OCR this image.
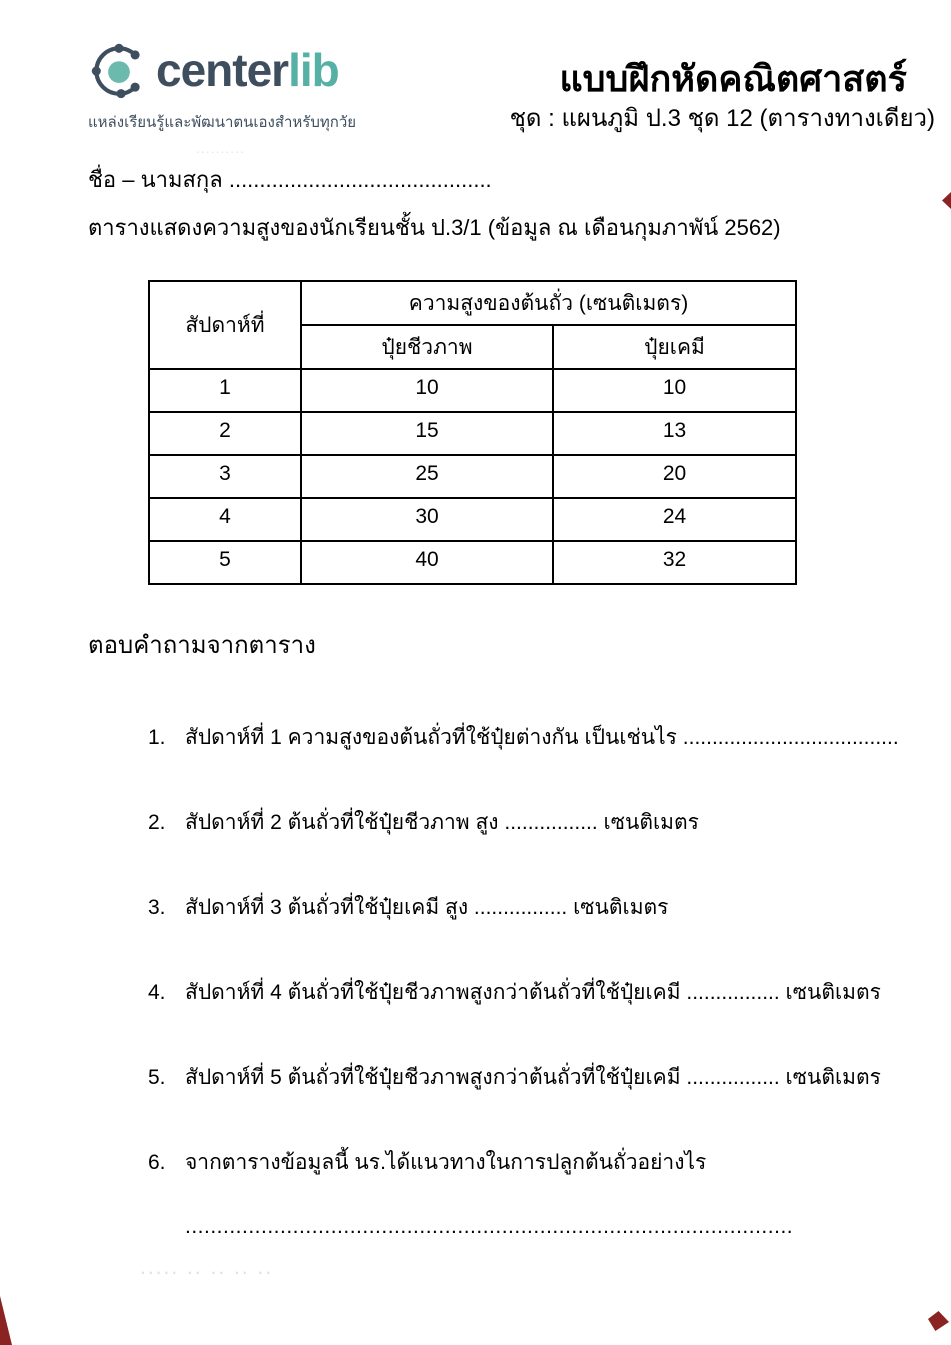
centerlib
แหล่งเรียนรู้และพัฒนาตนเองสำหรับทุกวัย
แบบฝึกหัดคณิตศาสตร์
ชุด : แผนภูมิ ป.3 ชุด 12 (ตารางทางเดียว)
..........
ชื่อ – นามสกุล ...........................................
ตารางแสดงความสูงของนักเรียนชั้น ป.3/1 (ข้อมูล ณ เดือนกุมภาพัน์ 2562)
สัปดาห์ที่	ความสูงของต้นถั่ว (เซนติเมตร)	
	ปุ๋ยชีวภาพ	ปุ๋ยเคมี
1	10	10
2	15	13
3	25	20
4	30	24
5	40	32
ตอบคำถามจากตาราง
1. สัปดาห์ที่ 1 ความสูงของต้นถั่วที่ใช้ปุ๋ยต่างกัน เป็นเช่นไร .....................................
2. สัปดาห์ที่ 2 ต้นถั่วที่ใช้ปุ๋ยชีวภาพ สูง ................ เซนติเมตร
3. สัปดาห์ที่ 3 ต้นถั่วที่ใช้ปุ๋ยเคมี สูง ................ เซนติเมตร
4. สัปดาห์ที่ 4 ต้นถั่วที่ใช้ปุ๋ยชีวภาพสูงกว่าต้นถั่วที่ใช้ปุ๋ยเคมี ................ เซนติเมตร
5. สัปดาห์ที่ 5 ต้นถั่วที่ใช้ปุ๋ยชีวภาพสูงกว่าต้นถั่วที่ใช้ปุ๋ยเคมี ................ เซนติเมตร
6. จากตารางข้อมูลนี้ นร.ได้แนวทางในการปลูกต้นถั่วอย่างไร
................................................................................................
..... .. .. .. ..
